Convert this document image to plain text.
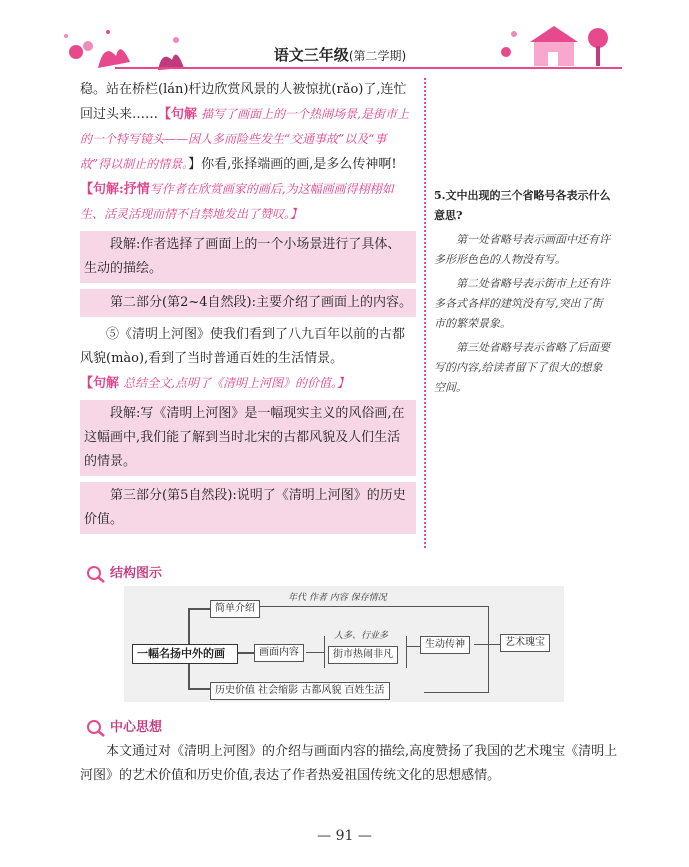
语文三年级(第二学期)

稳。站在桥栏(lán)杆边欣赏风景的人被惊扰(rǎo)了,连忙回过头来……【句解 描写了画面上的一个热闹场景,是街市上的一个特写镜头——因人多而险些发生“交通事故”以及“事故”得以制止的情景。】你看,张择端画的画,是多么传神啊!【句解:抒情写作者在欣赏画家的画后,为这幅画画得栩栩如生、活灵活现而情不自禁地发出了赞叹。】

段解:作者选择了画面上的一个小场景进行了具体、生动的描绘。

第二部分(第2~4自然段):主要介绍了画面上的内容。

⑤《清明上河图》使我们看到了八九百年以前的古都风貌(mào),看到了当时普通百姓的生活情景。

【句解 总结全文,点明了《清明上河图》的价值。】

段解:写《清明上河图》是一幅现实主义的风俗画,在这幅画中,我们能了解到当时北宋的古都风貌及人们生活的情景。

第三部分(第5自然段):说明了《清明上河图》的历史价值。

5.文中出现的三个省略号各表示什么意思?

第一处省略号表示画面中还有许多形形色色的人物没有写。

第二处省略号表示街市上还有许多各式各样的建筑没有写,突出了街市的繁荣景象。

第三处省略号表示省略了后面要写的内容,给读者留下了很大的想象空间。

结构图示
一幅名扬中外的画
简单介绍
年代 作者 内容 保存情况
画面内容
人多、行业多
街市热闹非凡
生动传神	艺术瑰宝
历史价值 社会缩影 古都风貌 百姓生活
中心思想

本文通过对《清明上河图》的介绍与画面内容的描绘,高度赞扬了我国的艺术瑰宝《清明上河图》的艺术价值和历史价值,表达了作者热爱祖国传统文化的思想感情。

— 91 —
